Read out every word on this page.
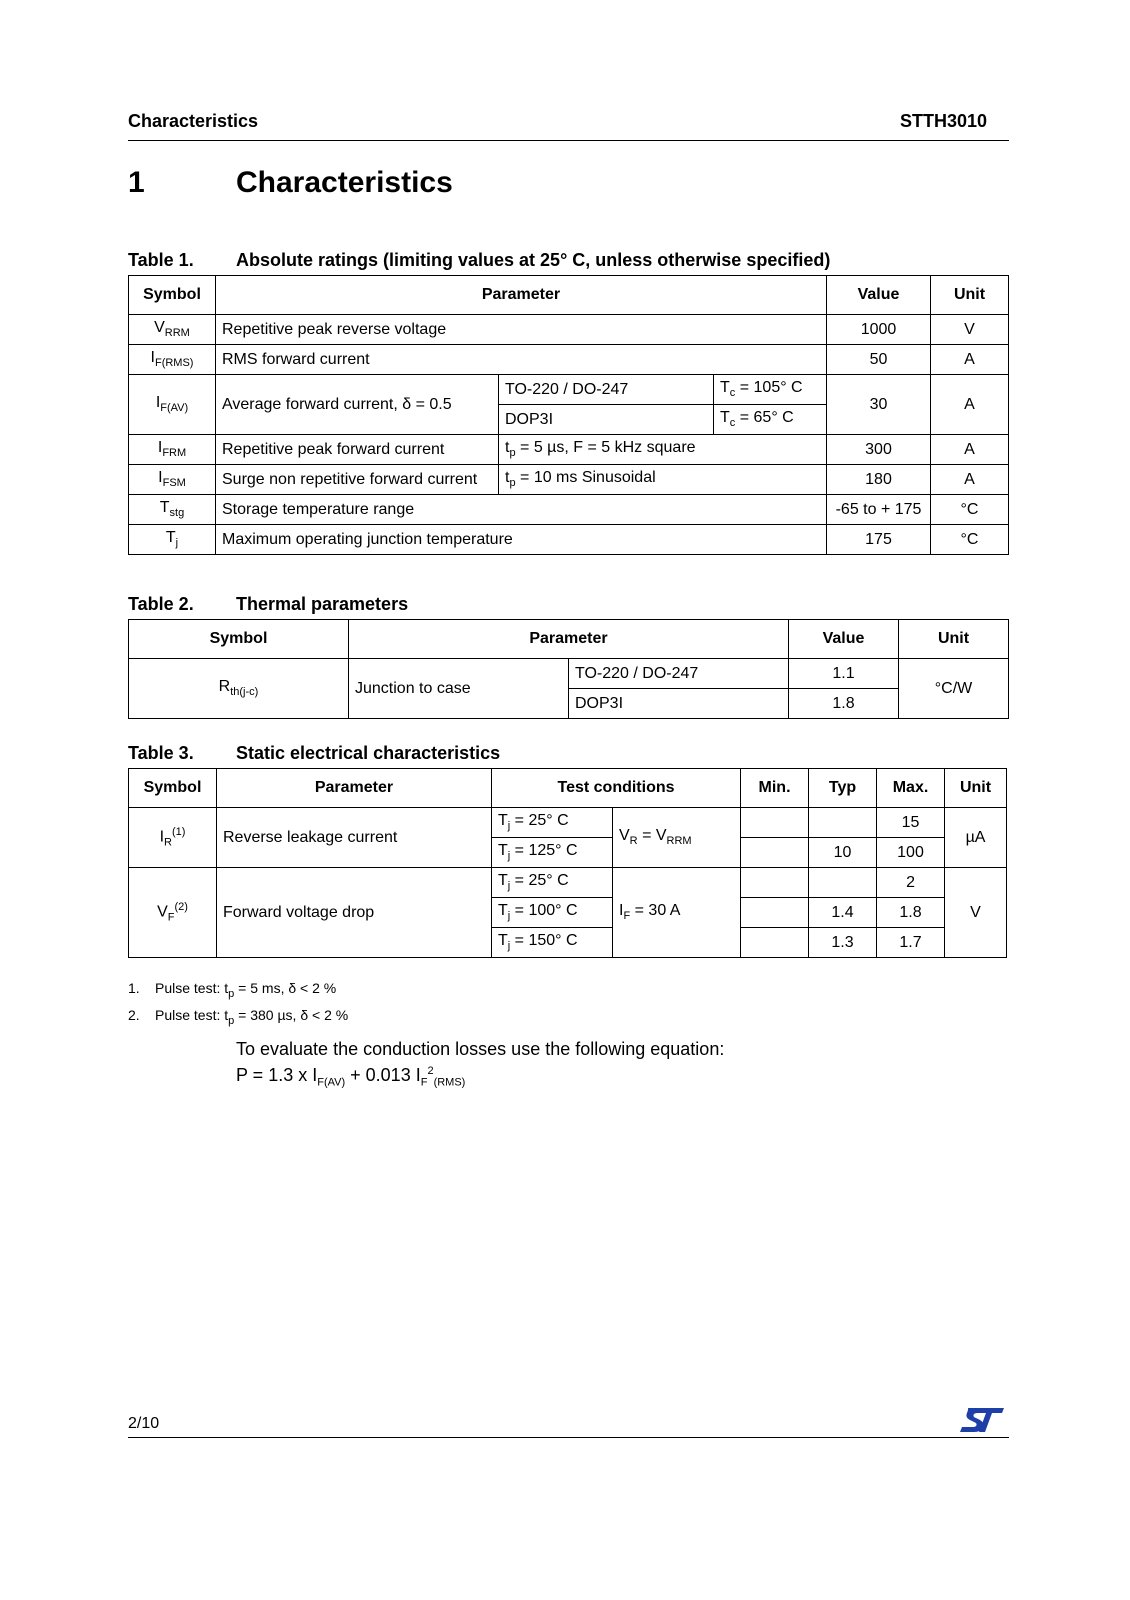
Characteristics	STTH3010
1	Characteristics
Table 1. Absolute ratings (limiting values at 25° C, unless otherwise specified)
Symbol	Parameter			Value	Unit
$V_{RRM}$	Repetitive peak reverse voltage			1000	V
$I_{F(RMS)}$	RMS forward current			50	A
$I_{F(AV)}$	Average forward current, δ = 0.5	TO-220 / DO-247	$T_c = 105^\circ$ C	30	A
		DOP3I	$T_c = 65^\circ$ C		
$I_{FRM}$	Repetitive peak forward current	$t_p = 5$ µs, F = 5 kHz square		300	A
$I_{FSM}$	Surge non repetitive forward current	$t_p = 10$ ms Sinusoidal		180	A
$T_{stg}$	Storage temperature range			-65 to + 175	°C
$T_j$	Maximum operating junction temperature			175	°C
Table 2. Thermal parameters
Symbol	Parameter		Value	Unit
$R_{th(j-c)}$	Junction to case	TO-220 / DO-247	1.1	°C/W
		DOP3I	1.8	
Table 3. Static electrical characteristics
Symbol	Parameter	Test conditions		Min.	Typ	Max.	Unit
$I_R^{(1)}$	Reverse leakage current	$T_j = 25^\circ$ C	$V_R = V_{RRM}$			15	µA
		$T_j = 125^\circ$ C			10	100	
$V_F^{(2)}$	Forward voltage drop	$T_j = 25^\circ$ C	$I_F = 30$ A			2	V
		$T_j = 100^\circ$ C			1.4	1.8	
		$T_j = 150^\circ$ C			1.3	1.7	
1. Pulse test: $t_p = 5$ ms, δ < 2 %
2. Pulse test: $t_p = 380$ µs, δ < 2 %
To evaluate the conduction losses use the following equation:
P = 1.3 x $I_{F(AV)} + 0.013$ $I_F^2_{(RMS)}$
2/10
